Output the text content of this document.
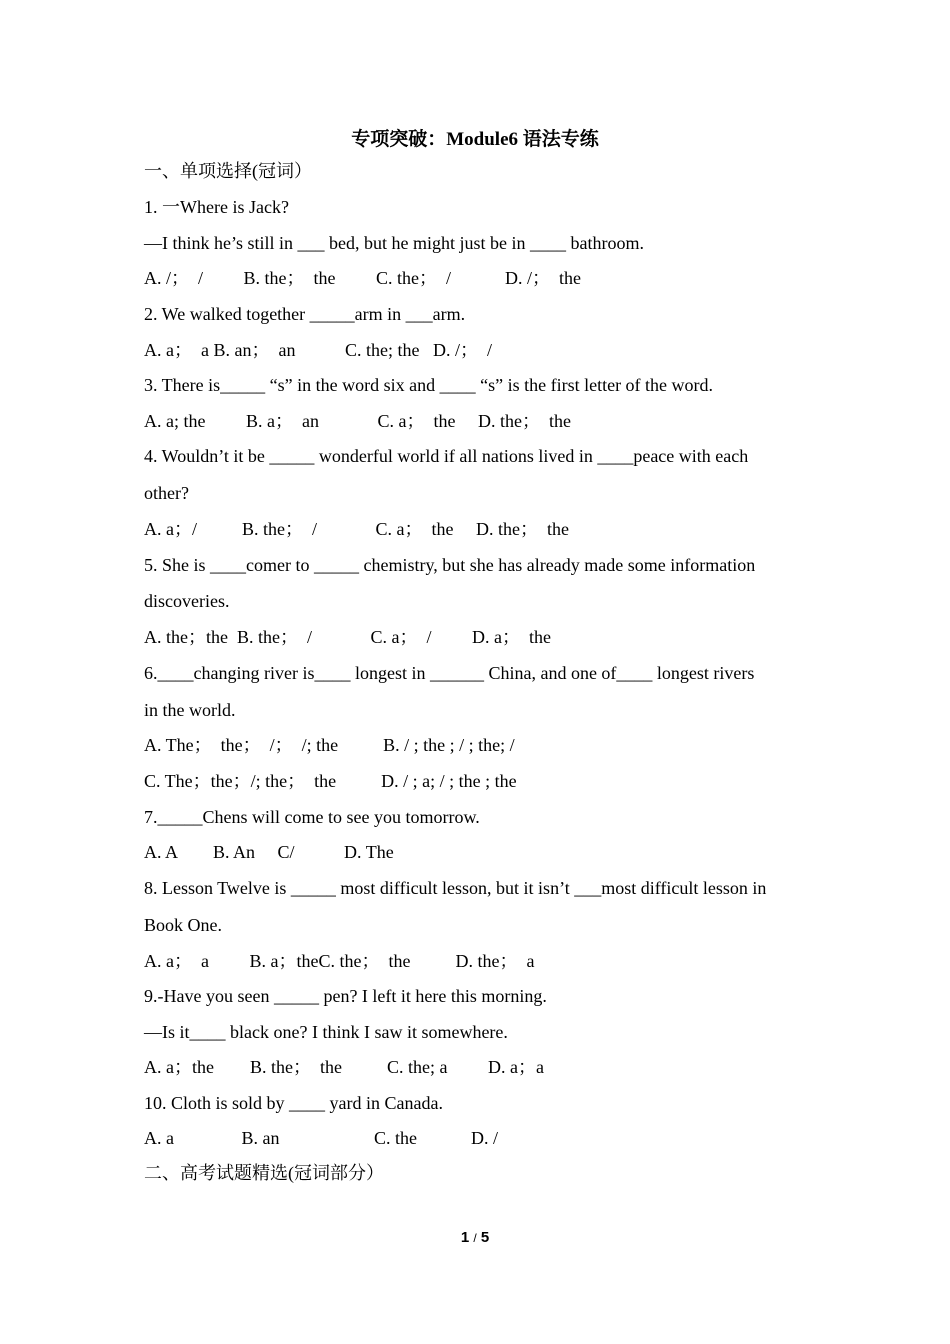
专项突破：Module6 语法专练
一、单项选择(冠词）
1. 一Where is Jack?
—I think he’s still in ___ bed, but he might just be in ____ bathroom.
A. /；  /         B. the；  the         C. the；  /            D. /；  the
2. We walked together _____arm in ___arm.
A. a；  a B. an；  an           C. the; the   D. /；  /
3. There is_____ “s” in the word six and ____ “s” is the first letter of the word.
A. a; the         B. a；  an             C. a；  the     D. the；  the
4. Wouldn’t it be _____ wonderful world if all nations lived in ____peace with each
other?
A. a；/          B. the；  /             C. a；  the     D. the；  the
5. She is ____comer to _____ chemistry, but she has already made some information
discoveries.
A. the；the  B. the；  /             C. a；  /         D. a；  the
6.____changing river is____ longest in ______ China, and one of____ longest rivers
in the world.
A. The；  the；  /；  /; the          B. / ; the ; / ; the; /
C. The；the；/; the；  the          D. / ; a; / ; the ; the
7._____Chens will come to see you tomorrow.
A. A        B. An     C/           D. The
8. Lesson Twelve is _____ most difficult lesson, but it isn’t ___most difficult lesson in
Book One.
A. a；  a         B. a；theC. the；  the          D. the；  a
9.-Have you seen _____ pen? I left it here this morning.
—Is it____ black one? I think I saw it somewhere.
A. a；the        B. the；  the          C. the; a         D. a；a
10. Cloth is sold by ____ yard in Canada.
A. a               B. an                     C. the            D. /
二、高考试题精选(冠词部分）
1 / 5
